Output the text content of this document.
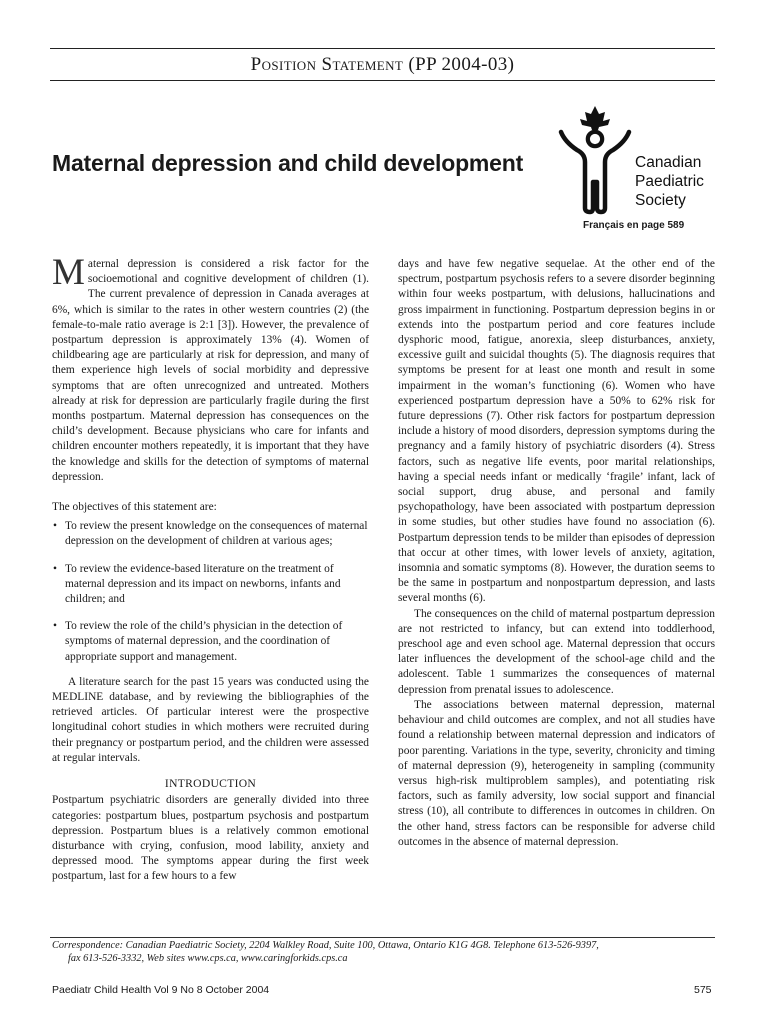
Position Statement (PP 2004-03)
Maternal depression and child development	Canadian
Paediatric
Society
Français en page 589

Maternal depression is considered a risk factor for the socioemotional and cognitive development of children (1). The current prevalence of depression in Canada averages at 6%, which is similar to the rates in other western countries (2) (the female-to-male ratio average is 2:1 [3]). However, the prevalence of postpartum depression is approximately 13% (4). Women of childbearing age are particularly at risk for depression, and many of them experience high levels of social morbidity and depressive symptoms that are often unrecognized and untreated. Mothers already at risk for depression are particularly fragile during the first months postpartum. Maternal depression has consequences on the child’s development. Because physicians who care for infants and children encounter mothers repeatedly, it is important that they have the knowledge and skills for the detection of symptoms of maternal depression.

The objectives of this statement are:

• To review the present knowledge on the consequences of maternal depression on the development of children at various ages;
• To review the evidence-based literature on the treatment of maternal depression and its impact on newborns, infants and children; and
• To review the role of the child’s physician in the detection of symptoms of maternal depression, and the coordination of appropriate support and management.

A literature search for the past 15 years was conducted using the MEDLINE database, and by reviewing the bibliographies of the retrieved articles. Of particular interest were the prospective longitudinal cohort studies in which mothers were recruited during their pregnancy or postpartum period, and the children were assessed at regular intervals.

INTRODUCTION

Postpartum psychiatric disorders are generally divided into three categories: postpartum blues, postpartum psychosis and postpartum depression. Postpartum blues is a relatively common emotional disturbance with crying, confusion, mood lability, anxiety and depressed mood. The symptoms appear during the first week postpartum, last for a few hours to a few

days and have few negative sequelae. At the other end of the spectrum, postpartum psychosis refers to a severe disorder beginning within four weeks postpartum, with delusions, hallucinations and gross impairment in functioning. Postpartum depression begins in or extends into the postpartum period and core features include dysphoric mood, fatigue, anorexia, sleep disturbances, anxiety, excessive guilt and suicidal thoughts (5). The diagnosis requires that symptoms be present for at least one month and result in some impairment in the woman’s functioning (6). Women who have experienced postpartum depression have a 50% to 62% risk for future depressions (7). Other risk factors for postpartum depression include a history of mood disorders, depression symptoms during the pregnancy and a family history of psychiatric disorders (4). Stress factors, such as negative life events, poor marital relationships, having a special needs infant or medically ‘fragile’ infant, lack of social support, drug abuse, and personal and family psychopathology, have been associated with postpartum depression in some studies, but other studies have found no association (6). Postpartum depression tends to be milder than episodes of depression that occur at other times, with lower levels of anxiety, agitation, insomnia and somatic symptoms (8). However, the duration seems to be the same in postpartum and nonpostpartum depression, and lasts several months (6).

The consequences on the child of maternal postpartum depression are not restricted to infancy, but can extend into toddlerhood, preschool age and even school age. Maternal depression that occurs later influences the development of the school-age child and the adolescent. Table 1 summarizes the consequences of maternal depression from prenatal issues to adolescence.

The associations between maternal depression, maternal behaviour and child outcomes are complex, and not all studies have found a relationship between maternal depression and indicators of poor parenting. Variations in the type, severity, chronicity and timing of maternal depression (9), heterogeneity in sampling (community versus high-risk multiproblem samples), and potentiating risk factors, such as family adversity, low social support and financial stress (10), all contribute to differences in outcomes in children. On the other hand, stress factors can be responsible for adverse child outcomes in the absence of maternal depression.

Correspondence: Canadian Paediatric Society, 2204 Walkley Road, Suite 100, Ottawa, Ontario K1G 4G8. Telephone 613-526-9397,
fax 613-526-3332, Web sites www.cps.ca, www.caringforkids.cps.ca
Paediatr Child Health Vol 9 No 8 October 2004	575
